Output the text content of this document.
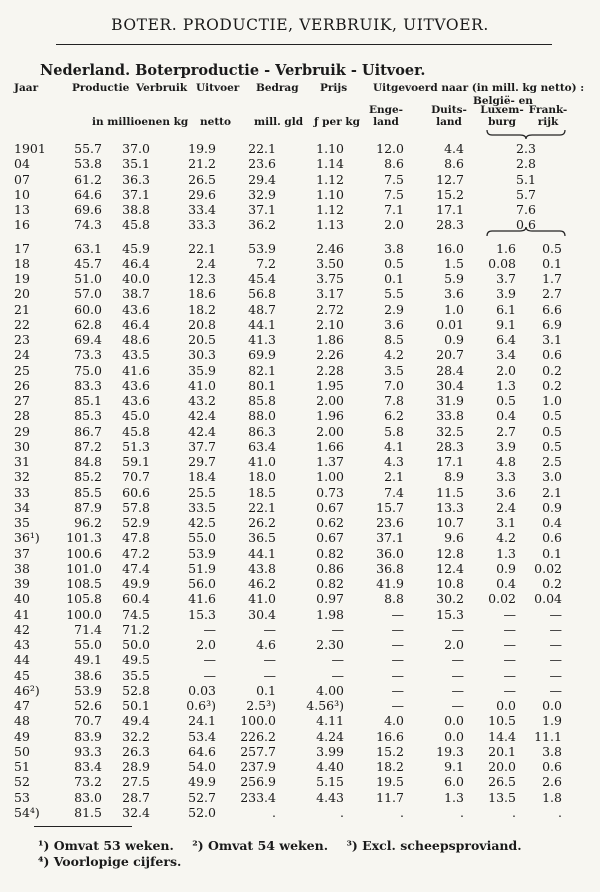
BOTER. PRODUCTIE, VERBRUIK, UITVOER.
Nederland. Boterproductie - Verbruik - Uitvoer.
Jaar	Productie Verbruik Uitvoer Bedrag Prijs Uitgevoerd naar (in mill. kg netto) :
België- en
Enge-	Duits-	Luxem- Frank-
in millioenen kg netto mill. gld ƒ per kg	land	land	burg	rijk
1901	55.7	37.0	19.9	22.1	1.10	12.0	4.4	2.3
04	53.8	35.1	21.2	23.6	1.14	8.6	8.6	2.8
07	61.2	36.3	26.5	29.4	1.12	7.5	12.7	5.1
10	64.6	37.1	29.6	32.9	1.10	7.5	15.2	5.7
13	69.6	38.8	33.4	37.1	1.12	7.1	17.1	7.6
16	74.3	45.8	33.3	36.2	1.13	2.0	28.3	0.6
17	63.1	45.9	22.1	53.9	2.46	3.8	16.0	1.6	0.5
18	45.7	46.4	2.4	7.2	3.50	0.5	1.5	0.08	0.1
19	51.0	40.0	12.3	45.4	3.75	0.1	5.9	3.7	1.7
20	57.0	38.7	18.6	56.8	3.17	5.5	3.6	3.9	2.7
21	60.0	43.6	18.2	48.7	2.72	2.9	1.0	6.1	6.6
22	62.8	46.4	20.8	44.1	2.10	3.6	0.01	9.1	6.9
23	69.4	48.6	20.5	41.3	1.86	8.5	0.9	6.4	3.1
24	73.3	43.5	30.3	69.9	2.26	4.2	20.7	3.4	0.6
25	75.0	41.6	35.9	82.1	2.28	3.5	28.4	2.0	0.2
26	83.3	43.6	41.0	80.1	1.95	7.0	30.4	1.3	0.2
27	85.1	43.6	43.2	85.8	2.00	7.8	31.9	0.5	1.0
28	85.3	45.0	42.4	88.0	1.96	6.2	33.8	0.4	0.5
29	86.7	45.8	42.4	86.3	2.00	5.8	32.5	2.7	0.5
30	87.2	51.3	37.7	63.4	1.66	4.1	28.3	3.9	0.5
31	84.8	59.1	29.7	41.0	1.37	4.3	17.1	4.8	2.5
32	85.2	70.7	18.4	18.0	1.00	2.1	8.9	3.3	3.0
33	85.5	60.6	25.5	18.5	0.73	7.4	11.5	3.6	2.1
34	87.9	57.8	33.5	22.1	0.67	15.7	13.3	2.4	0.9
35	96.2	52.9	42.5	26.2	0.62	23.6	10.7	3.1	0.4
36¹)	101.3	47.8	55.0	36.5	0.67	37.1	9.6	4.2	0.6
37	100.6	47.2	53.9	44.1	0.82	36.0	12.8	1.3	0.1
38	101.0	47.4	51.9	43.8	0.86	36.8	12.4	0.9	0.02
39	108.5	49.9	56.0	46.2	0.82	41.9	10.8	0.4	0.2
40	105.8	60.4	41.6	41.0	0.97	8.8	30.2	0.02	0.04
41	100.0	74.5	15.3	30.4	1.98	—	15.3	—	—
42	71.4	71.2	—	—	—	—	—	—	—
43	55.0	50.0	2.0	4.6	2.30	—	2.0	—	—
44	49.1	49.5	—	—	—	—	—	—	—
45	38.6	35.5	—	—	—	—	—	—	—
46²)	53.9	52.8	0.03	0.1	4.00	—	—	—	—
47	52.6	50.1	0.6³)	2.5³)	4.56³)	—	—	0.0	0.0
48	70.7	49.4	24.1	100.0	4.11	4.0	0.0	10.5	1.9
49	83.9	32.2	53.4	226.2	4.24	16.6	0.0	14.4	11.1
50	93.3	26.3	64.6	257.7	3.99	15.2	19.3	20.1	3.8
51	83.4	28.9	54.0	237.9	4.40	18.2	9.1	20.0	0.6
52	73.2	27.5	49.9	256.9	5.15	19.5	6.0	26.5	2.6
53	83.0	28.7	52.7	233.4	4.43	11.7	1.3	13.5	1.8
54⁴)	81.5	32.4	52.0	.	.	.	.	.	.
¹) Omvat 53 weken. ²) Omvat 54 weken. ³) Excl. scheepsproviand.
⁴) Voorlopige cijfers.
